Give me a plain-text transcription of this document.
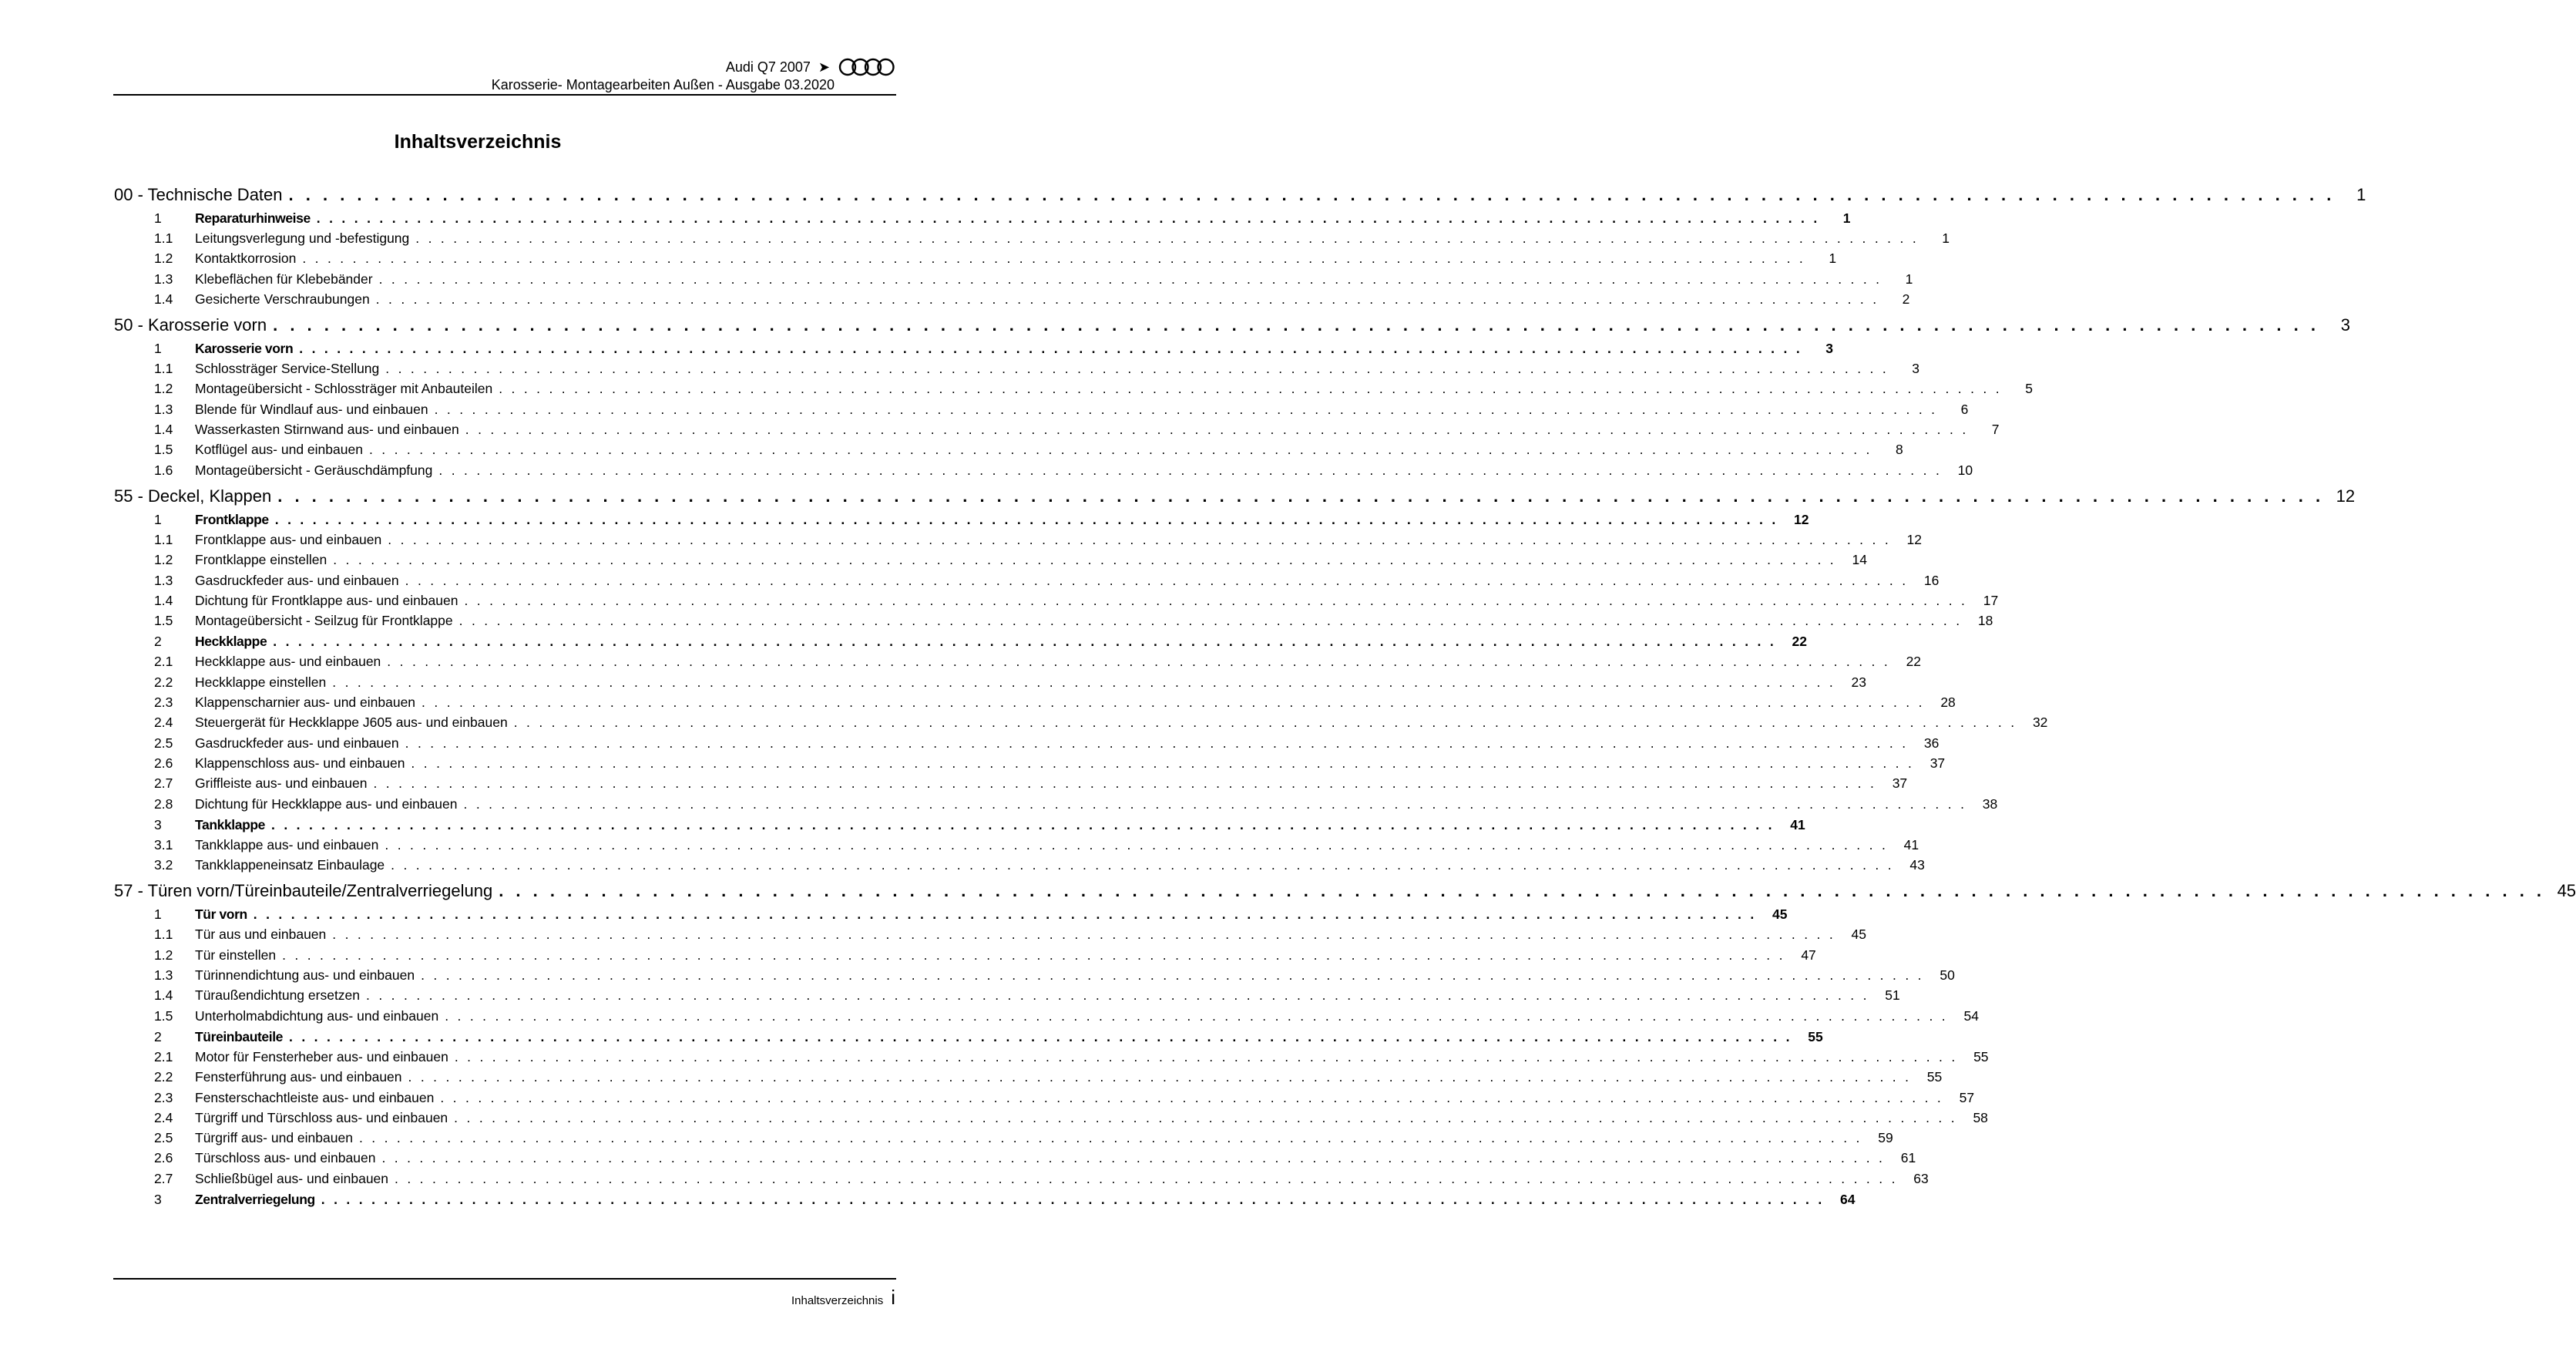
Audi Q7 2007 ➤
Karosserie- Montagearbeiten Außen - Ausgabe 03.2020
Inhaltsverzeichnis
00 - Technische Daten . . . . . . . . . . . . . . . . . . . . . . . . . . . . . . . . . . . . . . . . . . . . . . . . . . . . . . . . . . . . . . . . . . . . . . . . . . . . . . . . . . . . . . . . . . . . . . . . . . . . . . . . . . . . . . . . . . . . . . . .	1
1	Reparaturhinweise . . . . . . . . . . . . . . . . . . . . . . . . . . . . . . . . . . . . . . . . . . . . . . . . . . . . . . . . . . . . . . . . . . . . . . . . . . . . . . . . . . . . . . . . . . . . . . . . . . . . . . . . . . . . . . . . . . . . . . . .	1
1.1	Leitungsverlegung und -befestigung . . . . . . . . . . . . . . . . . . . . . . . . . . . . . . . . . . . . . . . . . . . . . . . . . . . . . . . . . . . . . . . . . . . . . . . . . . . . . . . . . . . . . . . . . . . . . . . . . . . . . . . . . . . . . . . . . . . . . . . .	1
1.2	Kontaktkorrosion . . . . . . . . . . . . . . . . . . . . . . . . . . . . . . . . . . . . . . . . . . . . . . . . . . . . . . . . . . . . . . . . . . . . . . . . . . . . . . . . . . . . . . . . . . . . . . . . . . . . . . . . . . . . . . . . . . . . . . . .	1
1.3	Klebeflächen für Klebebänder . . . . . . . . . . . . . . . . . . . . . . . . . . . . . . . . . . . . . . . . . . . . . . . . . . . . . . . . . . . . . . . . . . . . . . . . . . . . . . . . . . . . . . . . . . . . . . . . . . . . . . . . . . . . . . . . . . . . . . . .	1
1.4	Gesicherte Verschraubungen . . . . . . . . . . . . . . . . . . . . . . . . . . . . . . . . . . . . . . . . . . . . . . . . . . . . . . . . . . . . . . . . . . . . . . . . . . . . . . . . . . . . . . . . . . . . . . . . . . . . . . . . . . . . . . . . . . . . . . . .	2
50 - Karosserie vorn . . . . . . . . . . . . . . . . . . . . . . . . . . . . . . . . . . . . . . . . . . . . . . . . . . . . . . . . . . . . . . . . . . . . . . . . . . . . . . . . . . . . . . . . . . . . . . . . . . . . . . . . . . . . . . . . . . . . . . . .	3
1	Karosserie vorn . . . . . . . . . . . . . . . . . . . . . . . . . . . . . . . . . . . . . . . . . . . . . . . . . . . . . . . . . . . . . . . . . . . . . . . . . . . . . . . . . . . . . . . . . . . . . . . . . . . . . . . . . . . . . . . . . . . . . . . .	3
1.1	Schlossträger Service-Stellung . . . . . . . . . . . . . . . . . . . . . . . . . . . . . . . . . . . . . . . . . . . . . . . . . . . . . . . . . . . . . . . . . . . . . . . . . . . . . . . . . . . . . . . . . . . . . . . . . . . . . . . . . . . . . . . . . . . . . . . .	3
1.2	Montageübersicht - Schlossträger mit Anbauteilen . . . . . . . . . . . . . . . . . . . . . . . . . . . . . . . . . . . . . . . . . . . . . . . . . . . . . . . . . . . . . . . . . . . . . . . . . . . . . . . . . . . . . . . . . . . . . . . . . . . . . . . . . . . . . . . . . . . . . . . .	5
1.3	Blende für Windlauf aus- und einbauen . . . . . . . . . . . . . . . . . . . . . . . . . . . . . . . . . . . . . . . . . . . . . . . . . . . . . . . . . . . . . . . . . . . . . . . . . . . . . . . . . . . . . . . . . . . . . . . . . . . . . . . . . . . . . . . . . . . . . . . .	6
1.4	Wasserkasten Stirnwand aus- und einbauen . . . . . . . . . . . . . . . . . . . . . . . . . . . . . . . . . . . . . . . . . . . . . . . . . . . . . . . . . . . . . . . . . . . . . . . . . . . . . . . . . . . . . . . . . . . . . . . . . . . . . . . . . . . . . . . . . . . . . . . .	7
1.5	Kotflügel aus- und einbauen . . . . . . . . . . . . . . . . . . . . . . . . . . . . . . . . . . . . . . . . . . . . . . . . . . . . . . . . . . . . . . . . . . . . . . . . . . . . . . . . . . . . . . . . . . . . . . . . . . . . . . . . . . . . . . . . . . . . . . . .	8
1.6	Montageübersicht - Geräuschdämpfung . . . . . . . . . . . . . . . . . . . . . . . . . . . . . . . . . . . . . . . . . . . . . . . . . . . . . . . . . . . . . . . . . . . . . . . . . . . . . . . . . . . . . . . . . . . . . . . . . . . . . . . . . . . . . . . . . . . . . . . .	10
55 - Deckel, Klappen . . . . . . . . . . . . . . . . . . . . . . . . . . . . . . . . . . . . . . . . . . . . . . . . . . . . . . . . . . . . . . . . . . . . . . . . . . . . . . . . . . . . . . . . . . . . . . . . . . . . . . . . . . . . . . . . . . . . . . . . 12
1	Frontklappe . . . . . . . . . . . . . . . . . . . . . . . . . . . . . . . . . . . . . . . . . . . . . . . . . . . . . . . . . . . . . . . . . . . . . . . . . . . . . . . . . . . . . . . . . . . . . . . . . . . . . . . . . . . . . . . . . . . . . . . .	12
1.1	Frontklappe aus- und einbauen . . . . . . . . . . . . . . . . . . . . . . . . . . . . . . . . . . . . . . . . . . . . . . . . . . . . . . . . . . . . . . . . . . . . . . . . . . . . . . . . . . . . . . . . . . . . . . . . . . . . . . . . . . . . . . . . . . . . . . . .	12
1.2	Frontklappe einstellen . . . . . . . . . . . . . . . . . . . . . . . . . . . . . . . . . . . . . . . . . . . . . . . . . . . . . . . . . . . . . . . . . . . . . . . . . . . . . . . . . . . . . . . . . . . . . . . . . . . . . . . . . . . . . . . . . . . . . . . .	14
1.3	Gasdruckfeder aus- und einbauen . . . . . . . . . . . . . . . . . . . . . . . . . . . . . . . . . . . . . . . . . . . . . . . . . . . . . . . . . . . . . . . . . . . . . . . . . . . . . . . . . . . . . . . . . . . . . . . . . . . . . . . . . . . . . . . . . . . . . . . .	16
1.4	Dichtung für Frontklappe aus- und einbauen . . . . . . . . . . . . . . . . . . . . . . . . . . . . . . . . . . . . . . . . . . . . . . . . . . . . . . . . . . . . . . . . . . . . . . . . . . . . . . . . . . . . . . . . . . . . . . . . . . . . . . . . . . . . . . . . . . . . . . . .	17
1.5	Montageübersicht - Seilzug für Frontklappe . . . . . . . . . . . . . . . . . . . . . . . . . . . . . . . . . . . . . . . . . . . . . . . . . . . . . . . . . . . . . . . . . . . . . . . . . . . . . . . . . . . . . . . . . . . . . . . . . . . . . . . . . . . . . . . . . . . . . . . .	18
2	Heckklappe . . . . . . . . . . . . . . . . . . . . . . . . . . . . . . . . . . . . . . . . . . . . . . . . . . . . . . . . . . . . . . . . . . . . . . . . . . . . . . . . . . . . . . . . . . . . . . . . . . . . . . . . . . . . . . . . . . . . . . . .	22
2.1	Heckklappe aus- und einbauen . . . . . . . . . . . . . . . . . . . . . . . . . . . . . . . . . . . . . . . . . . . . . . . . . . . . . . . . . . . . . . . . . . . . . . . . . . . . . . . . . . . . . . . . . . . . . . . . . . . . . . . . . . . . . . . . . . . . . . . .	22
2.2	Heckklappe einstellen . . . . . . . . . . . . . . . . . . . . . . . . . . . . . . . . . . . . . . . . . . . . . . . . . . . . . . . . . . . . . . . . . . . . . . . . . . . . . . . . . . . . . . . . . . . . . . . . . . . . . . . . . . . . . . . . . . . . . . . .	23
2.3	Klappenscharnier aus- und einbauen . . . . . . . . . . . . . . . . . . . . . . . . . . . . . . . . . . . . . . . . . . . . . . . . . . . . . . . . . . . . . . . . . . . . . . . . . . . . . . . . . . . . . . . . . . . . . . . . . . . . . . . . . . . . . . . . . . . . . . . .	28
2.4	Steuergerät für Heckklappe J605 aus- und einbauen . . . . . . . . . . . . . . . . . . . . . . . . . . . . . . . . . . . . . . . . . . . . . . . . . . . . . . . . . . . . . . . . . . . . . . . . . . . . . . . . . . . . . . . . . . . . . . . . . . . . . . . . . . . . . . . . . . . . . . . .	32
2.5	Gasdruckfeder aus- und einbauen . . . . . . . . . . . . . . . . . . . . . . . . . . . . . . . . . . . . . . . . . . . . . . . . . . . . . . . . . . . . . . . . . . . . . . . . . . . . . . . . . . . . . . . . . . . . . . . . . . . . . . . . . . . . . . . . . . . . . . . .	36
2.6	Klappenschloss aus- und einbauen . . . . . . . . . . . . . . . . . . . . . . . . . . . . . . . . . . . . . . . . . . . . . . . . . . . . . . . . . . . . . . . . . . . . . . . . . . . . . . . . . . . . . . . . . . . . . . . . . . . . . . . . . . . . . . . . . . . . . . . .	37
2.7	Griffleiste aus- und einbauen . . . . . . . . . . . . . . . . . . . . . . . . . . . . . . . . . . . . . . . . . . . . . . . . . . . . . . . . . . . . . . . . . . . . . . . . . . . . . . . . . . . . . . . . . . . . . . . . . . . . . . . . . . . . . . . . . . . . . . . .	37
2.8	Dichtung für Heckklappe aus- und einbauen . . . . . . . . . . . . . . . . . . . . . . . . . . . . . . . . . . . . . . . . . . . . . . . . . . . . . . . . . . . . . . . . . . . . . . . . . . . . . . . . . . . . . . . . . . . . . . . . . . . . . . . . . . . . . . . . . . . . . . . .	38
3	Tankklappe . . . . . . . . . . . . . . . . . . . . . . . . . . . . . . . . . . . . . . . . . . . . . . . . . . . . . . . . . . . . . . . . . . . . . . . . . . . . . . . . . . . . . . . . . . . . . . . . . . . . . . . . . . . . . . . . . . . . . . . .	41
3.1	Tankklappe aus- und einbauen . . . . . . . . . . . . . . . . . . . . . . . . . . . . . . . . . . . . . . . . . . . . . . . . . . . . . . . . . . . . . . . . . . . . . . . . . . . . . . . . . . . . . . . . . . . . . . . . . . . . . . . . . . . . . . . . . . . . . . . .	41
3.2	Tankklappeneinsatz Einbaulage . . . . . . . . . . . . . . . . . . . . . . . . . . . . . . . . . . . . . . . . . . . . . . . . . . . . . . . . . . . . . . . . . . . . . . . . . . . . . . . . . . . . . . . . . . . . . . . . . . . . . . . . . . . . . . . . . . . . . . . .	43
57 - Türen vorn/Türeinbauteile/Zentralverriegelung . . . . . . . . . . . . . . . . . . . . . . . . . . . . . . . . . . . . . . . . . . . . . . . . . . . . . . . . . . . . . . . . . . . . . . . . . . . . . . . . . . . . . . . . . . . . . . . . . . . . . . . . . . . . . . . . . . . . . . . . 45
1	Tür vorn . . . . . . . . . . . . . . . . . . . . . . . . . . . . . . . . . . . . . . . . . . . . . . . . . . . . . . . . . . . . . . . . . . . . . . . . . . . . . . . . . . . . . . . . . . . . . . . . . . . . . . . . . . . . . . . . . . . . . . . .	45
1.1	Tür aus und einbauen . . . . . . . . . . . . . . . . . . . . . . . . . . . . . . . . . . . . . . . . . . . . . . . . . . . . . . . . . . . . . . . . . . . . . . . . . . . . . . . . . . . . . . . . . . . . . . . . . . . . . . . . . . . . . . . . . . . . . . . .	45
1.2	Tür einstellen . . . . . . . . . . . . . . . . . . . . . . . . . . . . . . . . . . . . . . . . . . . . . . . . . . . . . . . . . . . . . . . . . . . . . . . . . . . . . . . . . . . . . . . . . . . . . . . . . . . . . . . . . . . . . . . . . . . . . . . .	47
1.3	Türinnendichtung aus- und einbauen . . . . . . . . . . . . . . . . . . . . . . . . . . . . . . . . . . . . . . . . . . . . . . . . . . . . . . . . . . . . . . . . . . . . . . . . . . . . . . . . . . . . . . . . . . . . . . . . . . . . . . . . . . . . . . . . . . . . . . . .	50
1.4	Türaußendichtung ersetzen . . . . . . . . . . . . . . . . . . . . . . . . . . . . . . . . . . . . . . . . . . . . . . . . . . . . . . . . . . . . . . . . . . . . . . . . . . . . . . . . . . . . . . . . . . . . . . . . . . . . . . . . . . . . . . . . . . . . . . . .	51
1.5	Unterholmabdichtung aus- und einbauen . . . . . . . . . . . . . . . . . . . . . . . . . . . . . . . . . . . . . . . . . . . . . . . . . . . . . . . . . . . . . . . . . . . . . . . . . . . . . . . . . . . . . . . . . . . . . . . . . . . . . . . . . . . . . . . . . . . . . . . .	54
2	Türeinbauteile . . . . . . . . . . . . . . . . . . . . . . . . . . . . . . . . . . . . . . . . . . . . . . . . . . . . . . . . . . . . . . . . . . . . . . . . . . . . . . . . . . . . . . . . . . . . . . . . . . . . . . . . . . . . . . . . . . . . . . . .	55
2.1	Motor für Fensterheber aus- und einbauen . . . . . . . . . . . . . . . . . . . . . . . . . . . . . . . . . . . . . . . . . . . . . . . . . . . . . . . . . . . . . . . . . . . . . . . . . . . . . . . . . . . . . . . . . . . . . . . . . . . . . . . . . . . . . . . . . . . . . . . .	55
2.2	Fensterführung aus- und einbauen . . . . . . . . . . . . . . . . . . . . . . . . . . . . . . . . . . . . . . . . . . . . . . . . . . . . . . . . . . . . . . . . . . . . . . . . . . . . . . . . . . . . . . . . . . . . . . . . . . . . . . . . . . . . . . . . . . . . . . . .	55
2.3	Fensterschachtleiste aus- und einbauen . . . . . . . . . . . . . . . . . . . . . . . . . . . . . . . . . . . . . . . . . . . . . . . . . . . . . . . . . . . . . . . . . . . . . . . . . . . . . . . . . . . . . . . . . . . . . . . . . . . . . . . . . . . . . . . . . . . . . . . .	57
2.4	Türgriff und Türschloss aus- und einbauen . . . . . . . . . . . . . . . . . . . . . . . . . . . . . . . . . . . . . . . . . . . . . . . . . . . . . . . . . . . . . . . . . . . . . . . . . . . . . . . . . . . . . . . . . . . . . . . . . . . . . . . . . . . . . . . . . . . . . . . .	58
2.5	Türgriff aus- und einbauen . . . . . . . . . . . . . . . . . . . . . . . . . . . . . . . . . . . . . . . . . . . . . . . . . . . . . . . . . . . . . . . . . . . . . . . . . . . . . . . . . . . . . . . . . . . . . . . . . . . . . . . . . . . . . . . . . . . . . . . .	59
2.6	Türschloss aus- und einbauen . . . . . . . . . . . . . . . . . . . . . . . . . . . . . . . . . . . . . . . . . . . . . . . . . . . . . . . . . . . . . . . . . . . . . . . . . . . . . . . . . . . . . . . . . . . . . . . . . . . . . . . . . . . . . . . . . . . . . . . .	61
2.7	Schließbügel aus- und einbauen . . . . . . . . . . . . . . . . . . . . . . . . . . . . . . . . . . . . . . . . . . . . . . . . . . . . . . . . . . . . . . . . . . . . . . . . . . . . . . . . . . . . . . . . . . . . . . . . . . . . . . . . . . . . . . . . . . . . . . . .	63
3	Zentralverriegelung . . . . . . . . . . . . . . . . . . . . . . . . . . . . . . . . . . . . . . . . . . . . . . . . . . . . . . . . . . . . . . . . . . . . . . . . . . . . . . . . . . . . . . . . . . . . . . . . . . . . . . . . . . . . . . . . . . . . . . . .	64
Inhaltsverzeichnis i
